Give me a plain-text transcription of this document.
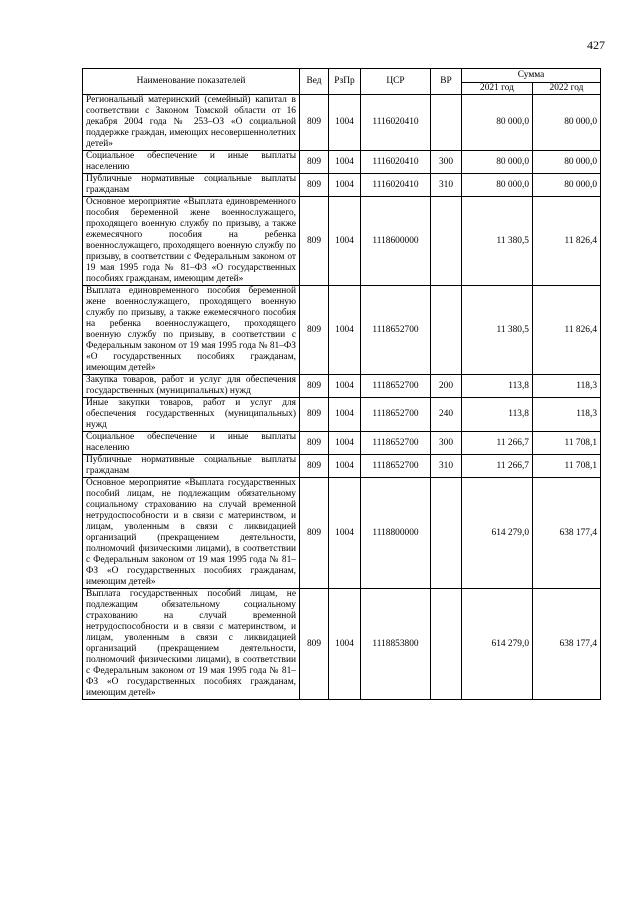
427
Наименование показателей	Вед	РзПр	ЦСР	ВР	Сумма	
					2021 год	2022 год
Региональный материнский (семейный) капитал в соответствии с Законом Томской области от 16 декабря 2004 года № 253–ОЗ «О социальной поддержке граждан, имеющих несовершеннолетних детей»	809	1004	1116020410		80 000,0	80 000,0
Социальное обеспечение и иные выплаты населению	809	1004	1116020410	300	80 000,0	80 000,0
Публичные нормативные социальные выплаты гражданам	809	1004	1116020410	310	80 000,0	80 000,0
Основное мероприятие «Выплата единовременного пособия беременной жене военнослужащего, проходящего военную службу по призыву, а также ежемесячного пособия на ребенка военнослужащего, проходящего военную службу по призыву, в соответствии с Федеральным законом от 19 мая 1995 года № 81–ФЗ «О государственных пособиях гражданам, имеющим детей»	809	1004	1118600000		11 380,5	11 826,4
Выплата единовременного пособия беременной жене военнослужащего, проходящего военную службу по призыву, а также ежемесячного пособия на ребенка военнослужащего, проходящего военную службу по призыву, в соответствии с Федеральным законом от 19 мая 1995 года № 81–ФЗ «О государственных пособиях гражданам, имеющим детей»	809	1004	1118652700		11 380,5	11 826,4
Закупка товаров, работ и услуг для обеспечения государственных (муниципальных) нужд	809	1004	1118652700	200	113,8	118,3
Иные закупки товаров, работ и услуг для обеспечения государственных (муниципальных) нужд	809	1004	1118652700	240	113,8	118,3
Социальное обеспечение и иные выплаты населению	809	1004	1118652700	300	11 266,7	11 708,1
Публичные нормативные социальные выплаты гражданам	809	1004	1118652700	310	11 266,7	11 708,1
Основное мероприятие «Выплата государственных пособий лицам, не подлежащим обязательному социальному страхованию на случай временной нетрудоспособности и в связи с материнством, и лицам, уволенным в связи с ликвидацией организаций (прекращением деятельности, полномочий физическими лицами), в соответствии с Федеральным законом от 19 мая 1995 года № 81–ФЗ «О государственных пособиях гражданам, имеющим детей»	809	1004	1118800000		614 279,0	638 177,4
Выплата государственных пособий лицам, не подлежащим обязательному социальному страхованию на случай временной нетрудоспособности и в связи с материнством, и лицам, уволенным в связи с ликвидацией организаций (прекращением деятельности, полномочий физическими лицами), в соответствии с Федеральным законом от 19 мая 1995 года № 81–ФЗ «О государственных пособиях гражданам, имеющим детей»	809	1004	1118853800		614 279,0	638 177,4
